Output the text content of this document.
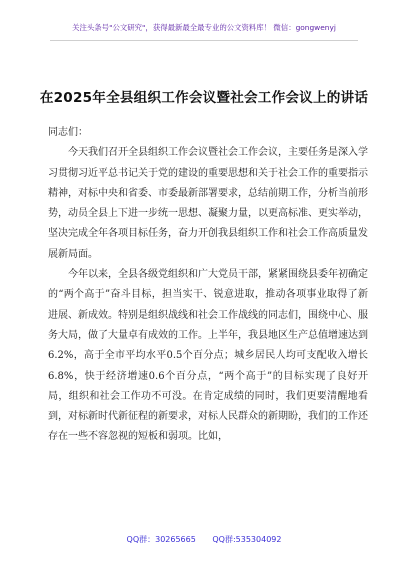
关注头条号"公文研究"，获得最新最全最专业的公文资料库！ 微信：gongwenyj
在2025年全县组织工作会议暨社会工作会议上的讲话

同志们：

今天我们召开全县组织工作会议暨社会工作会议，主要任务是深入学习贯彻习近平总书记关于党的建设的重要思想和关于社会工作的重要指示精神，对标中央和省委、市委最新部署要求，总结前期工作，分析当前形势，动员全县上下进一步统一思想、凝聚力量，以更高标准、更实举动，坚决完成全年各项目标任务，奋力开创我县组织工作和社会工作高质量发展新局面。

今年以来，全县各级党组织和广大党员干部，紧紧围绕县委年初确定的“两个高于”奋斗目标，担当实干、锐意进取，推动各项事业取得了新进展、新成效。特别是组织战线和社会工作战线的同志们，围绕中心、服务大局，做了大量卓有成效的工作。上半年，我县地区生产总值增速达到6.2%，高于全市平均水平0.5个百分点；城乡居民人均可支配收入增长6.8%，快于经济增速0.6个百分点，“两个高于”的目标实现了良好开局，组织和社会工作功不可没。在肯定成绩的同时，我们更要清醒地看到，对标新时代新征程的新要求，对标人民群众的新期盼，我们的工作还存在一些不容忽视的短板和弱项。比如，

QQ群：30265665 QQ群:535304092
